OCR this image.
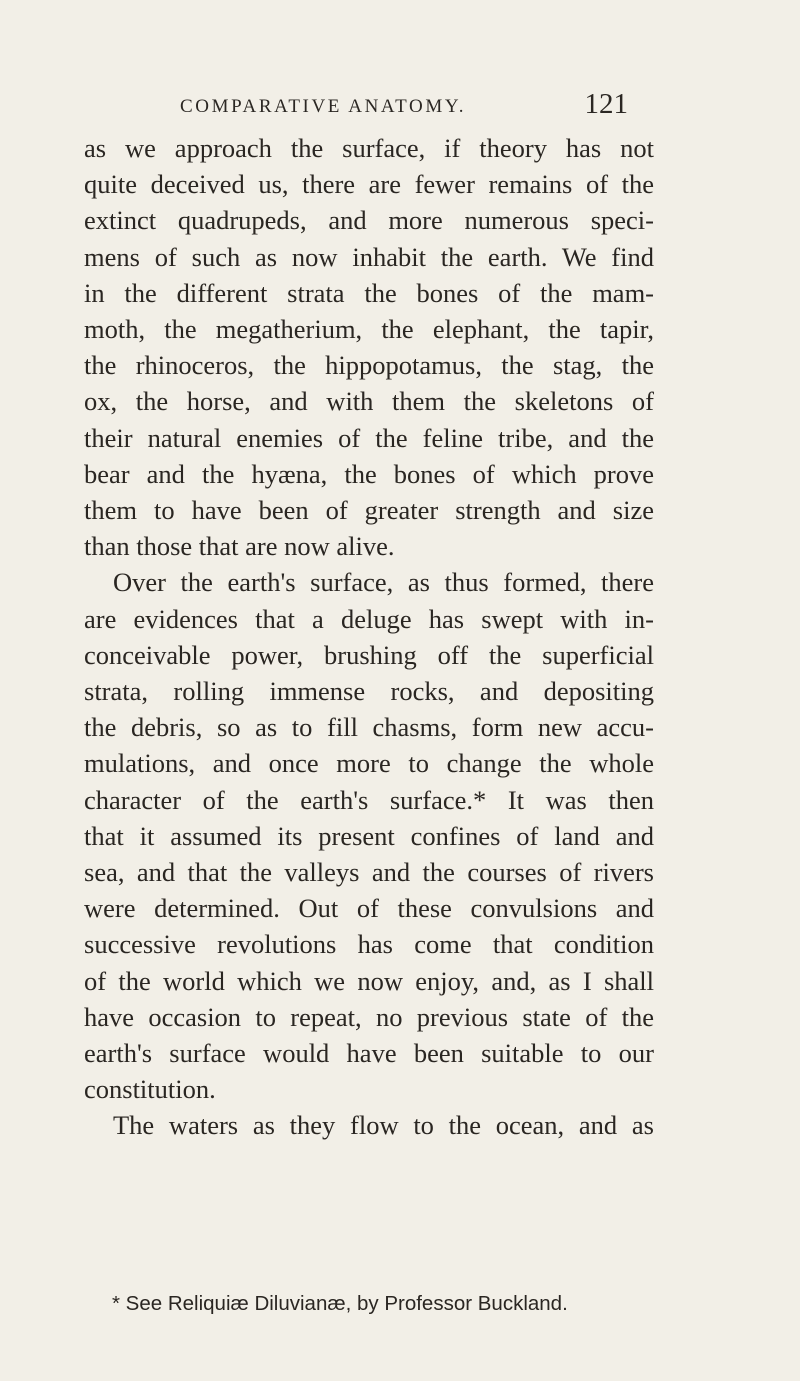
COMPARATIVE ANATOMY.	121
as we approach the surface, if theory has not
quite deceived us, there are fewer remains of the
extinct quadrupeds, and more numerous speci-
mens of such as now inhabit the earth. We find
in the different strata the bones of the mam-
moth, the megatherium, the elephant, the tapir,
the rhinoceros, the hippopotamus, the stag, the
ox, the horse, and with them the skeletons of
their natural enemies of the feline tribe, and the
bear and the hyæna, the bones of which prove
them to have been of greater strength and size
than those that are now alive.
Over the earth's surface, as thus formed, there
are evidences that a deluge has swept with in-
conceivable power, brushing off the superficial
strata, rolling immense rocks, and depositing
the debris, so as to fill chasms, form new accu-
mulations, and once more to change the whole
character of the earth's surface.* It was then
that it assumed its present confines of land and
sea, and that the valleys and the courses of rivers
were determined. Out of these convulsions and
successive revolutions has come that condition
of the world which we now enjoy, and, as I shall
have occasion to repeat, no previous state of the
earth's surface would have been suitable to our
constitution.
The waters as they flow to the ocean, and as
* See Reliquiæ Diluvianæ, by Professor Buckland.
